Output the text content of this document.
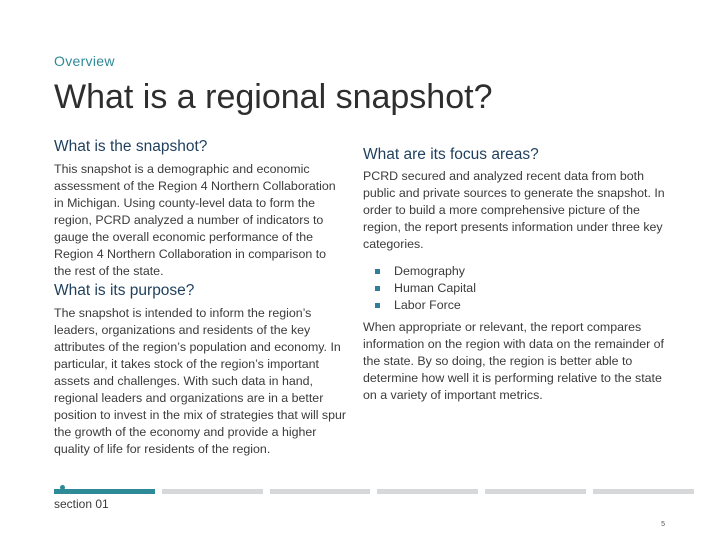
Overview
What is a regional snapshot?
What is the snapshot?

This snapshot is a demographic and economic assessment of the Region 4 Northern Collaboration in Michigan. Using county-level data to form the region, PCRD analyzed a number of indicators to gauge the overall economic performance of the Region 4 Northern Collaboration in comparison to the rest of the state.

What is its purpose?

The snapshot is intended to inform the region’s leaders, organizations and residents of the key attributes of the region’s population and economy. In particular, it takes stock of the region’s important assets and challenges. With such data in hand, regional leaders and organizations are in a better position to invest in the mix of strategies that will spur the growth of the economy and provide a higher quality of life for residents of the region.

What are its focus areas?

PCRD secured and analyzed recent data from both public and private sources to generate the snapshot. In order to build a more comprehensive picture of the region, the report presents information under three key categories.

Demography
Human Capital
Labor Force

When appropriate or relevant, the report compares information on the region with data on the remainder of the state. By so doing, the region is better able to determine how well it is performing relative to the state on a variety of important metrics.

section 01
5
